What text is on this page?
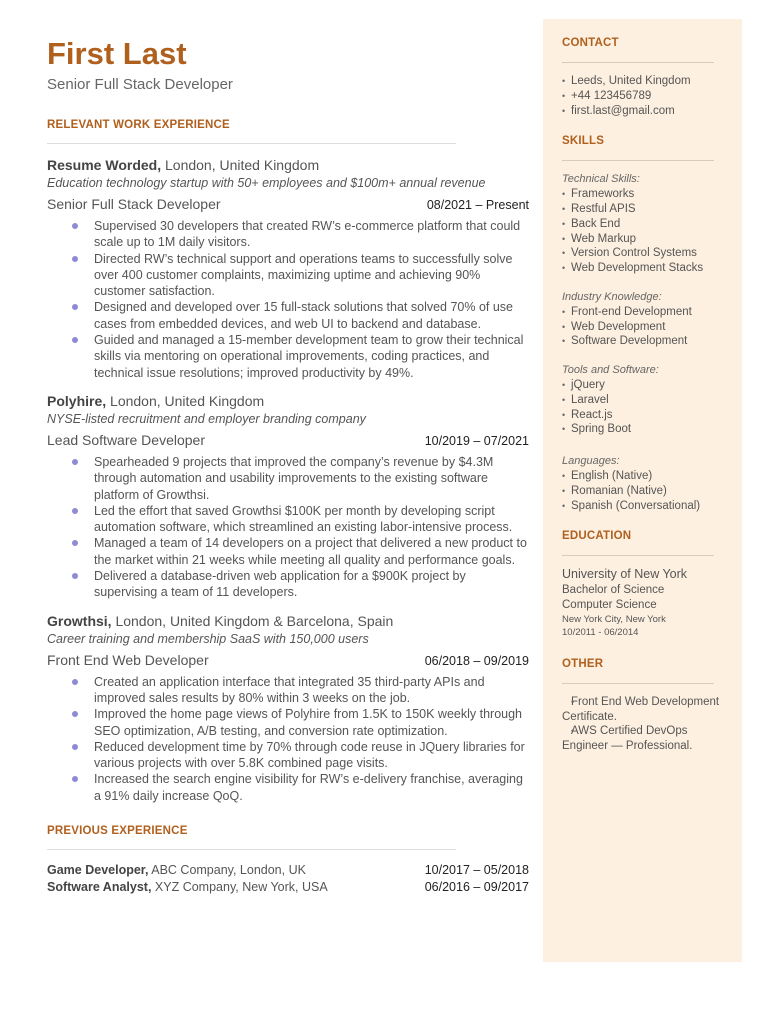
First Last
Senior Full Stack Developer
RELEVANT WORK EXPERIENCE
Resume Worded, London, United Kingdom
Education technology startup with 50+ employees and $100m+ annual revenue
Senior Full Stack Developer	08/2021 – Present
Supervised 30 developers that created RW’s e-commerce platform that could scale up to 1M daily visitors.
Directed RW’s technical support and operations teams to successfully solve over 400 customer complaints, maximizing uptime and achieving 90% customer satisfaction.
Designed and developed over 15 full-stack solutions that solved 70% of use cases from embedded devices, and web UI to backend and database.
Guided and managed a 15-member development team to grow their technical skills via mentoring on operational improvements, coding practices, and technical issue resolutions; improved productivity by 49%.
Polyhire, London, United Kingdom
NYSE-listed recruitment and employer branding company
Lead Software Developer	10/2019 – 07/2021
Spearheaded 9 projects that improved the company’s revenue by $4.3M through automation and usability improvements to the existing software platform of Growthsi.
Led the effort that saved Growthsi $100K per month by developing script automation software, which streamlined an existing labor-intensive process.
Managed a team of 14 developers on a project that delivered a new product to the market within 21 weeks while meeting all quality and performance goals.
Delivered a database-driven web application for a $900K project by supervising a team of 11 developers.
Growthsi, London, United Kingdom & Barcelona, Spain
Career training and membership SaaS with 150,000 users
Front End Web Developer	06/2018 – 09/2019
Created an application interface that integrated 35 third-party APIs and improved sales results by 80% within 3 weeks on the job.
Improved the home page views of Polyhire from 1.5K to 150K weekly through SEO optimization, A/B testing, and conversion rate optimization.
Reduced development time by 70% through code reuse in JQuery libraries for various projects with over 5.8K combined page visits.
Increased the search engine visibility for RW’s e-delivery franchise, averaging a 91% daily increase QoQ.
PREVIOUS EXPERIENCE
Game Developer, ABC Company, London, UK	10/2017 – 05/2018
Software Analyst, XYZ Company, New York, USA	06/2016 – 09/2017
CONTACT
• Leeds, United Kingdom
• +44 123456789
• first.last@gmail.com
SKILLS
Technical Skills:
• Frameworks
• Restful APIS
• Back End
• Web Markup
• Version Control Systems
• Web Development Stacks
Industry Knowledge:
• Front-end Development
• Web Development
• Software Development
Tools and Software:
• jQuery
• Laravel
• React.js
• Spring Boot
Languages:
• English (Native)
• Romanian (Native)
• Spanish (Conversational)
EDUCATION
University of New York
Bachelor of Science
Computer Science
New York City, New York
10/2011 - 06/2014
OTHER
• Front End Web Development Certificate.
• AWS Certified DevOps Engineer — Professional.
